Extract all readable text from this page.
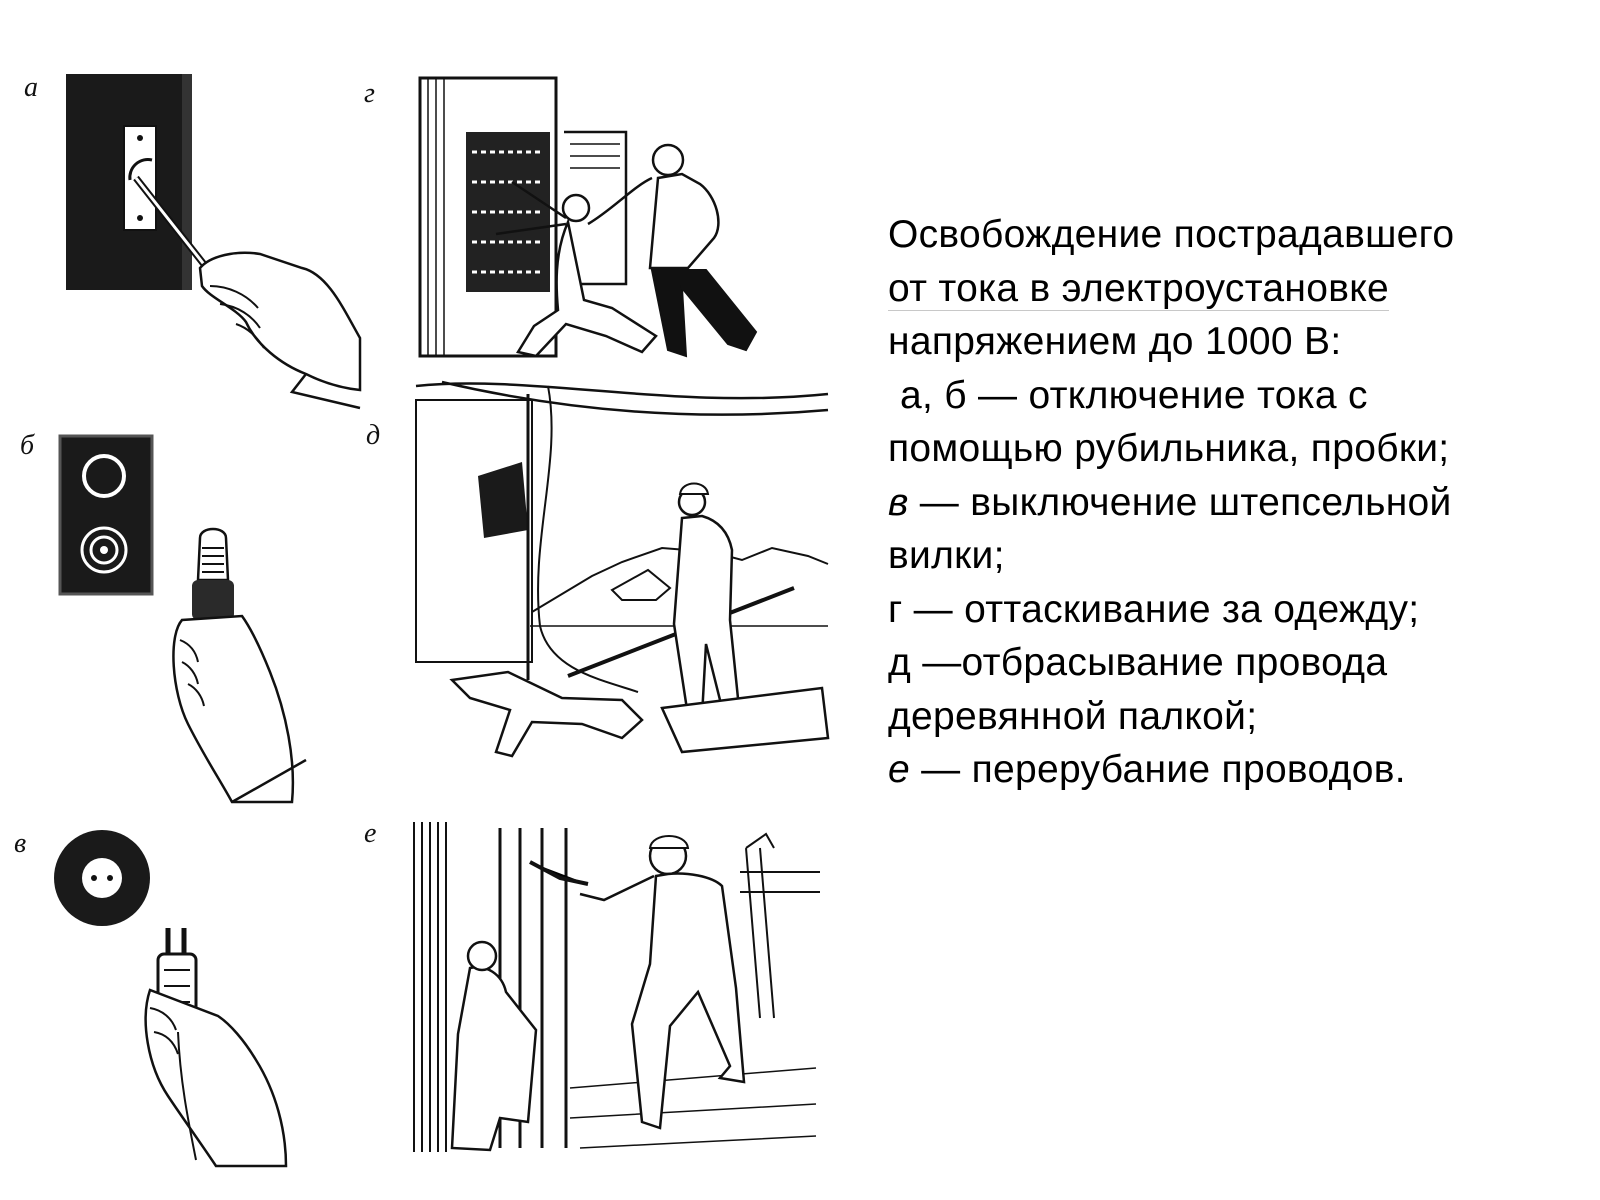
а
б
в
г
д
е
Освобождение пострадавшего
от тока в электроустановке
напряжением до 1000 В:
а, б — отключение тока с
помощью рубильника, пробки;
в — выключение штепсельной
вилки;
г — оттаскивание за одежду;
д —отбрасывание провода
деревянной палкой;
е — перерубание проводов.
